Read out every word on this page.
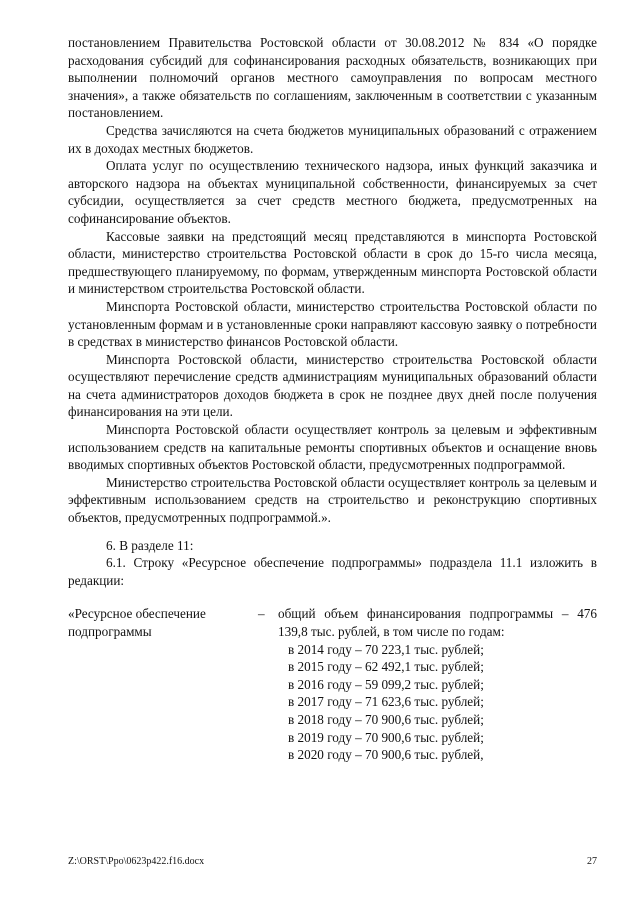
постановлением Правительства Ростовской области от 30.08.2012 № 834 «О порядке расходования субсидий для софинансирования расходных обязательств, возникающих при выполнении полномочий органов местного самоуправления по вопросам местного значения», а также обязательств по соглашениям, заключенным в соответствии с указанным постановлением.

Средства зачисляются на счета бюджетов муниципальных образований с отражением их в доходах местных бюджетов.

Оплата услуг по осуществлению технического надзора, иных функций заказчика и авторского надзора на объектах муниципальной собственности, финансируемых за счет субсидии, осуществляется за счет средств местного бюджета, предусмотренных на софинансирование объектов.

Кассовые заявки на предстоящий месяц представляются в минспорта Ростовской области, министерство строительства Ростовской области в срок до 15-го числа месяца, предшествующего планируемому, по формам, утвержденным минспорта Ростовской области и министерством строительства Ростовской области.

Минспорта Ростовской области, министерство строительства Ростовской области по установленным формам и в установленные сроки направляют кассовую заявку о потребности в средствах в министерство финансов Ростовской области.

Минспорта Ростовской области, министерство строительства Ростовской области осуществляют перечисление средств администрациям муниципальных образований области на счета администраторов доходов бюджета в срок не позднее двух дней после получения финансирования на эти цели.

Минспорта Ростовской области осуществляет контроль за целевым и эффективным использованием средств на капитальные ремонты спортивных объектов и оснащение вновь вводимых спортивных объектов Ростовской области, предусмотренных подпрограммой.

Министерство строительства Ростовской области осуществляет контроль за целевым и эффективным использованием средств на строительство и реконструкцию спортивных объектов, предусмотренных подпрограммой.».

6. В разделе 11:

6.1. Строку «Ресурсное обеспечение подпрограммы» подраздела 11.1 изложить в редакции:

«Ресурсное обеспечение
подпрограммы
–	общий объем финансирования подпрограммы – 476 139,8 тыс. рублей, в том числе по годам:

в 2014 году – 70 223,1 тыс. рублей;
в 2015 году – 62 492,1 тыс. рублей;
в 2016 году – 59 099,2 тыс. рублей;
в 2017 году – 71 623,6 тыс. рублей;
в 2018 году – 70 900,6 тыс. рублей;
в 2019 году – 70 900,6 тыс. рублей;
в 2020 году – 70 900,6 тыс. рублей,
Z:\ORST\Ppo\0623p422.f16.docx	27
